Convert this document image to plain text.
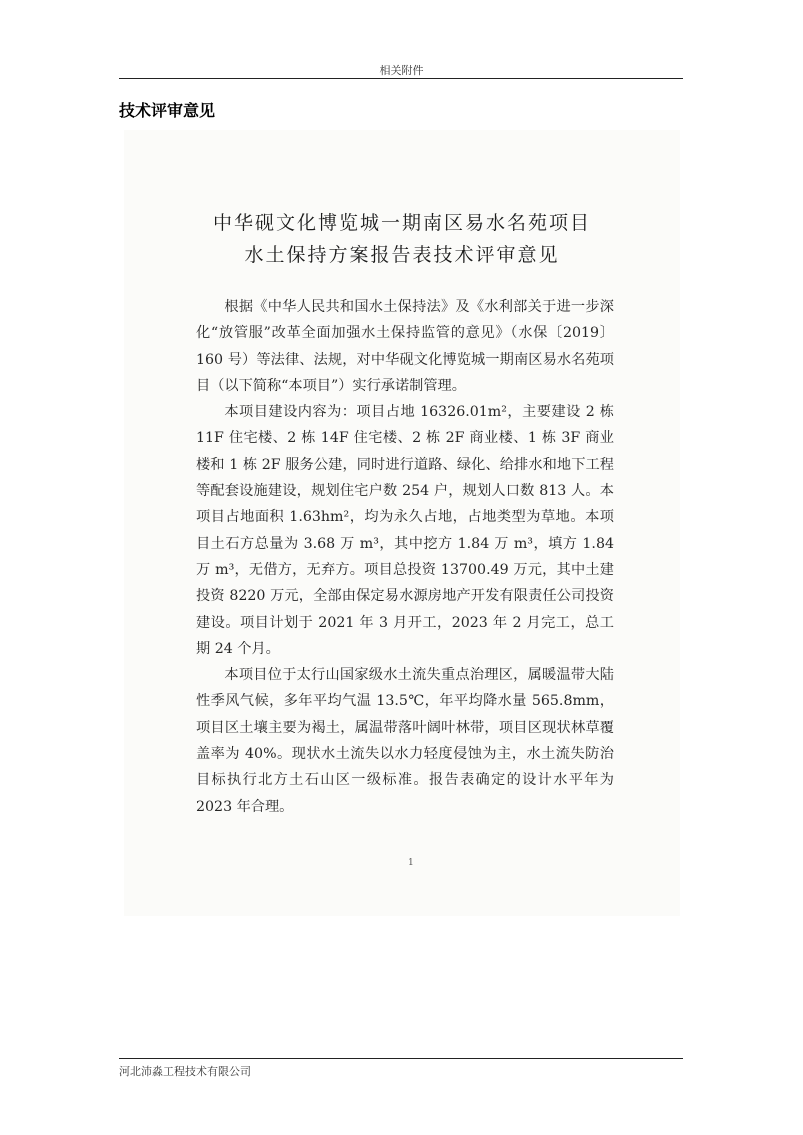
相关附件
技术评审意见
中华砚文化博览城一期南区易水名苑项目
水土保持方案报告表技术评审意见

根据《中华人民共和国水土保持法》及《水利部关于进一步深化“放管服”改革全面加强水土保持监管的意见》（水保〔2019〕160 号）等法律、法规，对中华砚文化博览城一期南区易水名苑项目（以下简称“本项目”）实行承诺制管理。

本项目建设内容为：项目占地 16326.01m²，主要建设 2 栋 11F 住宅楼、2 栋 14F 住宅楼、2 栋 2F 商业楼、1 栋 3F 商业楼和 1 栋 2F 服务公建，同时进行道路、绿化、给排水和地下工程等配套设施建设，规划住宅户数 254 户，规划人口数 813 人。本项目占地面积 1.63hm²，均为永久占地，占地类型为草地。本项目土石方总量为 3.68 万 m³，其中挖方 1.84 万 m³，填方 1.84 万 m³，无借方，无弃方。项目总投资 13700.49 万元，其中土建投资 8220 万元，全部由保定易水源房地产开发有限责任公司投资建设。项目计划于 2021 年 3 月开工，2023 年 2 月完工，总工期 24 个月。

本项目位于太行山国家级水土流失重点治理区，属暖温带大陆性季风气候，多年平均气温 13.5℃，年平均降水量 565.8mm，项目区土壤主要为褐土，属温带落叶阔叶林带，项目区现状林草覆盖率为 40%。现状水土流失以水力轻度侵蚀为主，水土流失防治目标执行北方土石山区一级标准。报告表确定的设计水平年为 2023 年合理。

1
河北沛淼工程技术有限公司
